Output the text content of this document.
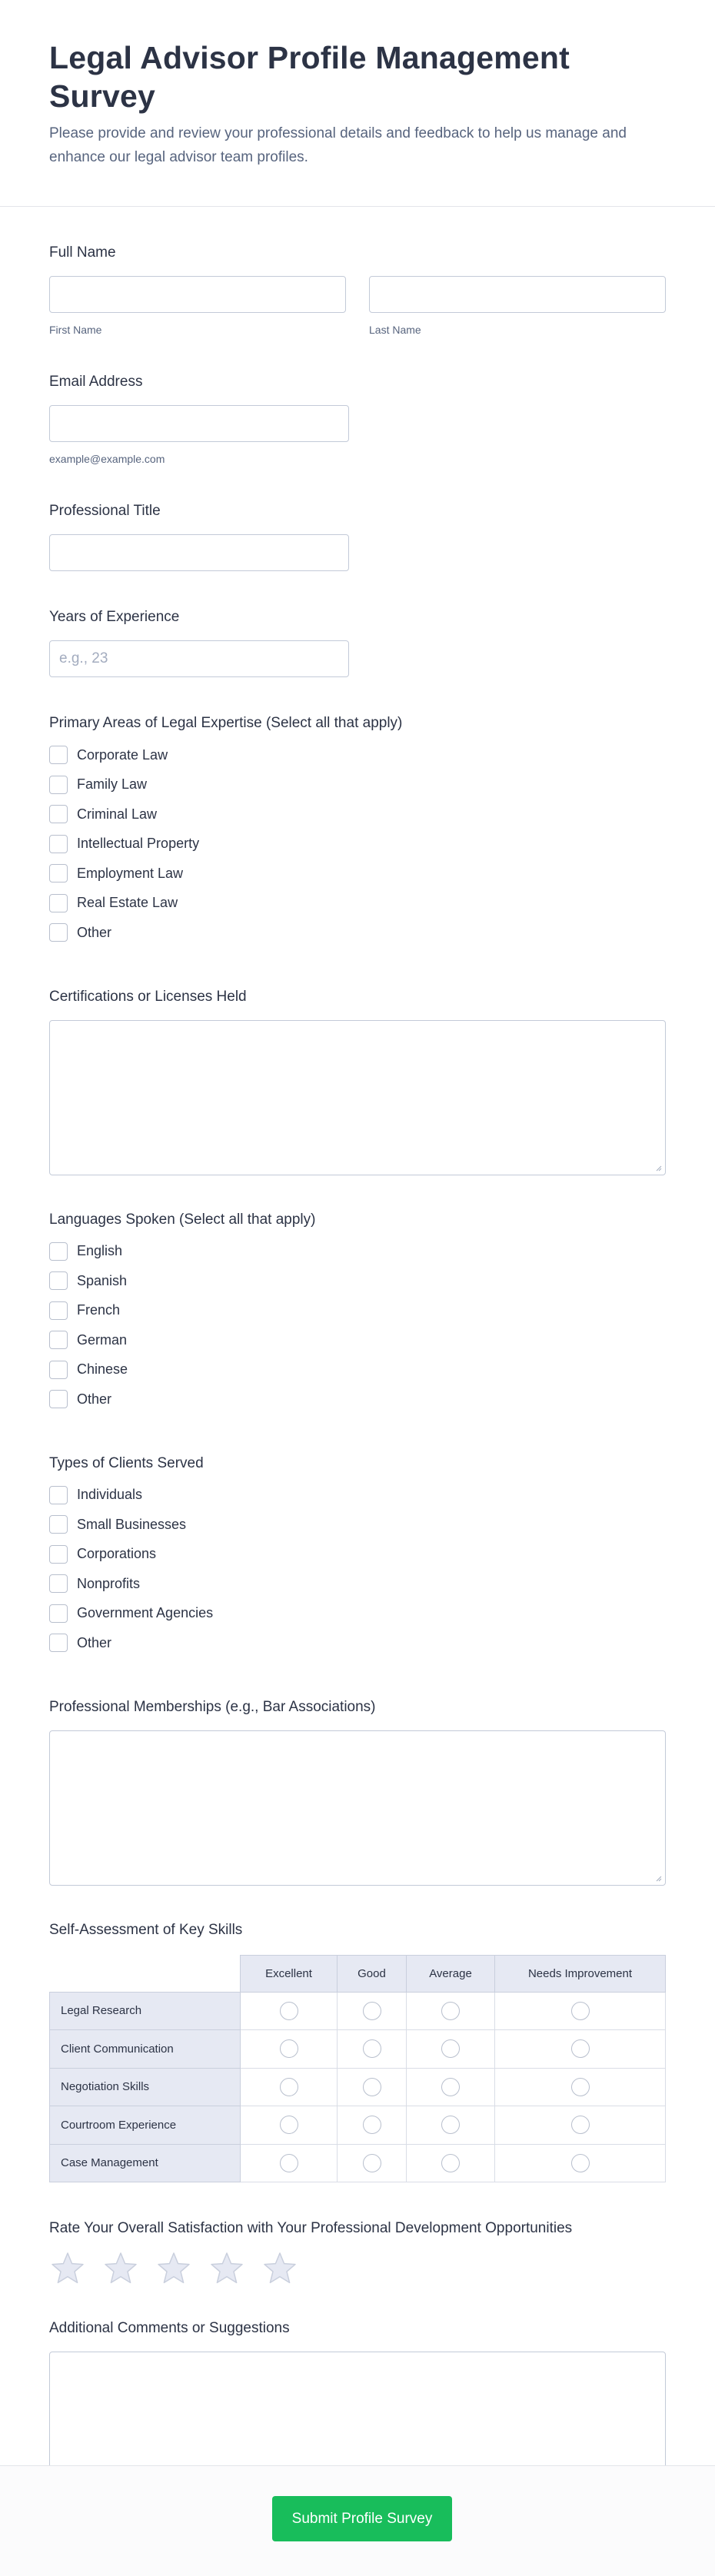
Legal Advisor Profile Management Survey

Please provide and review your professional details and feedback to help us manage and enhance our legal advisor team profiles.

Full Name
First Name	Last Name
Email Address
example@example.com
Professional Title
Years of Experience
e.g., 23
Primary Areas of Legal Expertise (Select all that apply)
Corporate Law
Family Law
Criminal Law
Intellectual Property
Employment Law
Real Estate Law
Other
Certifications or Licenses Held
Languages Spoken (Select all that apply)
English
Spanish
French
German
Chinese
Other
Types of Clients Served
Individuals
Small Businesses
Corporations
Nonprofits
Government Agencies
Other
Professional Memberships (e.g., Bar Associations)
Self-Assessment of Key Skills
	Excellent	Good	Average	Needs Improvement
Legal Research				
Client Communication				
Negotiation Skills				
Courtroom Experience				
Case Management				
Rate Your Overall Satisfaction with Your Professional Development Opportunities
Additional Comments or Suggestions
Submit Profile Survey
